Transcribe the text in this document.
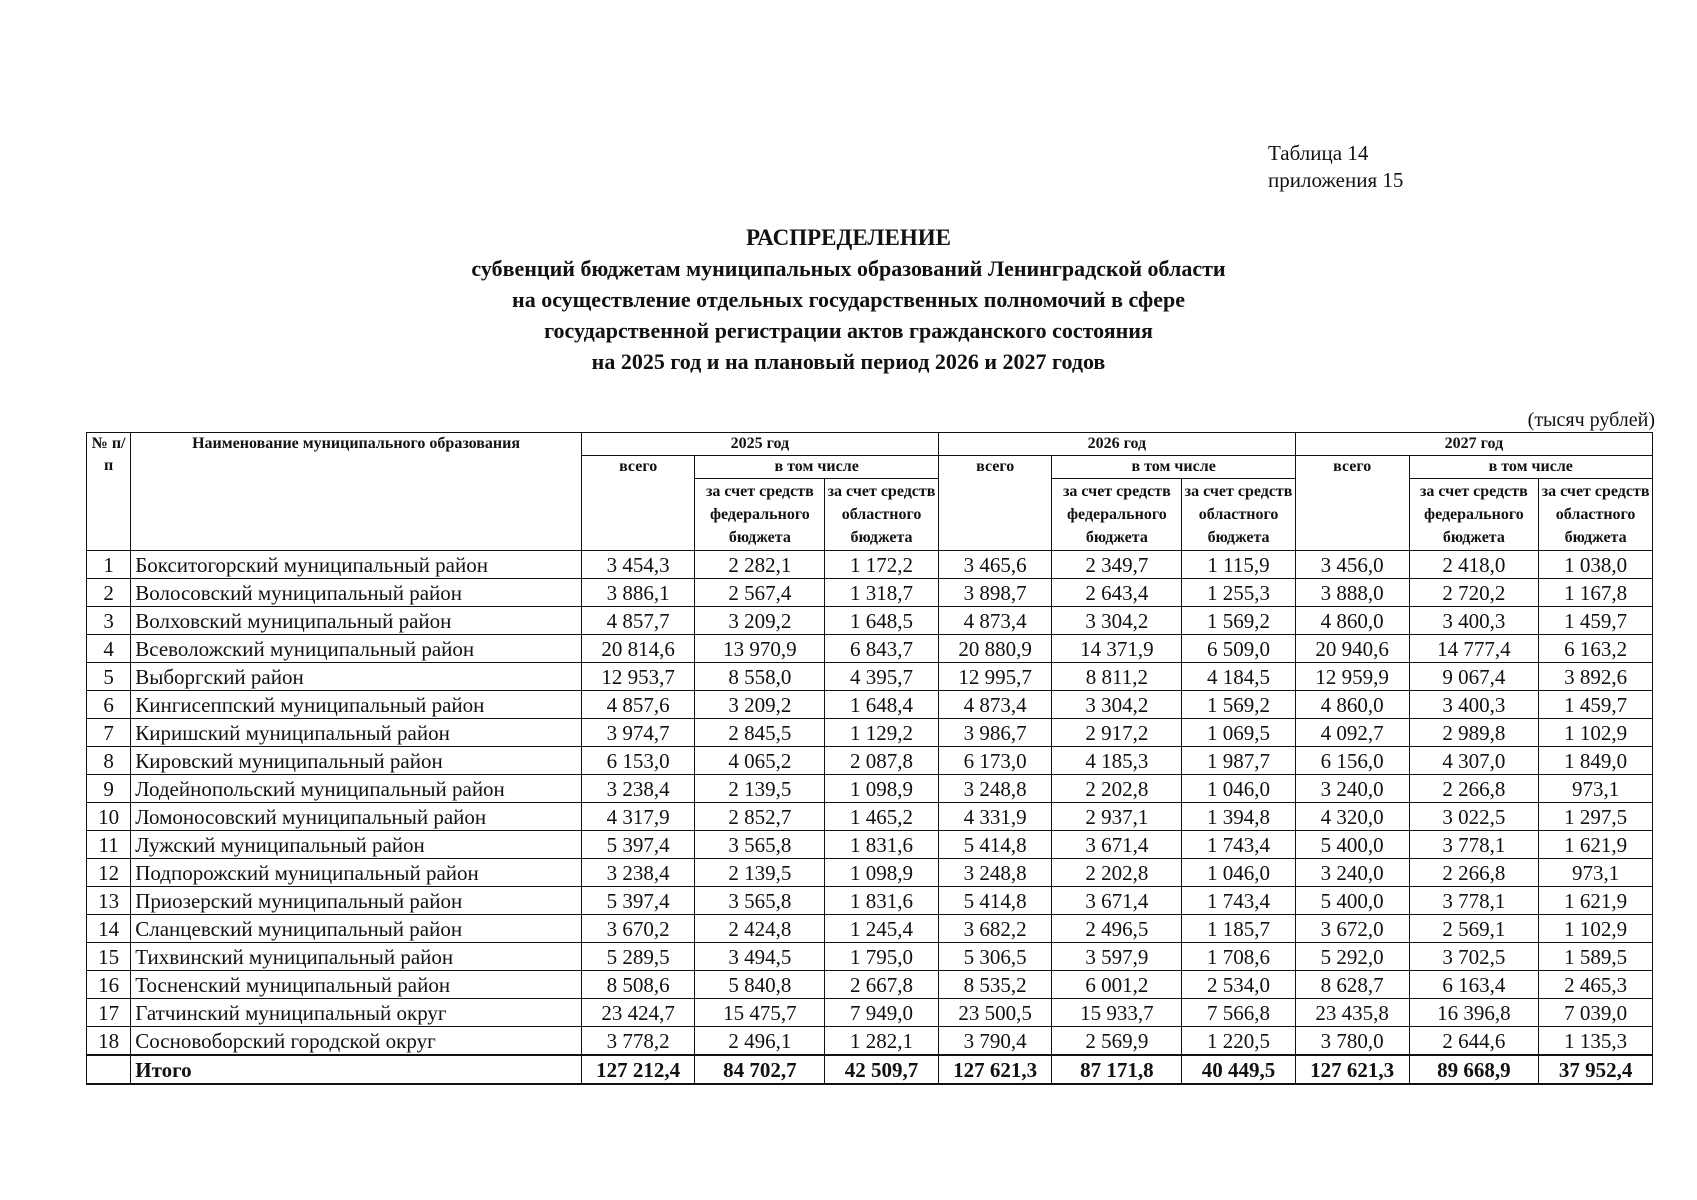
Таблица 14
приложения 15
РАСПРЕДЕЛЕНИЕ
субвенций бюджетам муниципальных образований Ленинградской области
на осуществление отдельных государственных полномочий в сфере
государственной регистрации актов гражданского состояния
на 2025 год и на плановый период 2026 и 2027 годов
(тысяч рублей)
№ п/п	Наименование муниципального образования	2025 год			2026 год			2027 год		
		всего	в том числе		всего	в том числе		всего	в том числе	
			за счет средств федерального бюджета	за счет средств областного бюджета		за счет средств федерального бюджета	за счет средств областного бюджета		за счет средств федерального бюджета	за счет средств областного бюджета
1	Бокситогорский муниципальный район	3 454,3	2 282,1	1 172,2	3 465,6	2 349,7	1 115,9	3 456,0	2 418,0	1 038,0
2	Волосовский муниципальный район	3 886,1	2 567,4	1 318,7	3 898,7	2 643,4	1 255,3	3 888,0	2 720,2	1 167,8
3	Волховский муниципальный район	4 857,7	3 209,2	1 648,5	4 873,4	3 304,2	1 569,2	4 860,0	3 400,3	1 459,7
4	Всеволожский муниципальный район	20 814,6	13 970,9	6 843,7	20 880,9	14 371,9	6 509,0	20 940,6	14 777,4	6 163,2
5	Выборгский район	12 953,7	8 558,0	4 395,7	12 995,7	8 811,2	4 184,5	12 959,9	9 067,4	3 892,6
6	Кингисеппский муниципальный район	4 857,6	3 209,2	1 648,4	4 873,4	3 304,2	1 569,2	4 860,0	3 400,3	1 459,7
7	Киришский муниципальный район	3 974,7	2 845,5	1 129,2	3 986,7	2 917,2	1 069,5	4 092,7	2 989,8	1 102,9
8	Кировский муниципальный район	6 153,0	4 065,2	2 087,8	6 173,0	4 185,3	1 987,7	6 156,0	4 307,0	1 849,0
9	Лодейнопольский муниципальный район	3 238,4	2 139,5	1 098,9	3 248,8	2 202,8	1 046,0	3 240,0	2 266,8	973,1
10	Ломоносовский муниципальный район	4 317,9	2 852,7	1 465,2	4 331,9	2 937,1	1 394,8	4 320,0	3 022,5	1 297,5
11	Лужский муниципальный район	5 397,4	3 565,8	1 831,6	5 414,8	3 671,4	1 743,4	5 400,0	3 778,1	1 621,9
12	Подпорожский муниципальный район	3 238,4	2 139,5	1 098,9	3 248,8	2 202,8	1 046,0	3 240,0	2 266,8	973,1
13	Приозерский муниципальный район	5 397,4	3 565,8	1 831,6	5 414,8	3 671,4	1 743,4	5 400,0	3 778,1	1 621,9
14	Сланцевский муниципальный район	3 670,2	2 424,8	1 245,4	3 682,2	2 496,5	1 185,7	3 672,0	2 569,1	1 102,9
15	Тихвинский муниципальный район	5 289,5	3 494,5	1 795,0	5 306,5	3 597,9	1 708,6	5 292,0	3 702,5	1 589,5
16	Тосненский муниципальный район	8 508,6	5 840,8	2 667,8	8 535,2	6 001,2	2 534,0	8 628,7	6 163,4	2 465,3
17	Гатчинский муниципальный округ	23 424,7	15 475,7	7 949,0	23 500,5	15 933,7	7 566,8	23 435,8	16 396,8	7 039,0
18	Сосновоборский городской округ	3 778,2	2 496,1	1 282,1	3 790,4	2 569,9	1 220,5	3 780,0	2 644,6	1 135,3
	Итого	127 212,4	84 702,7	42 509,7	127 621,3	87 171,8	40 449,5	127 621,3	89 668,9	37 952,4
